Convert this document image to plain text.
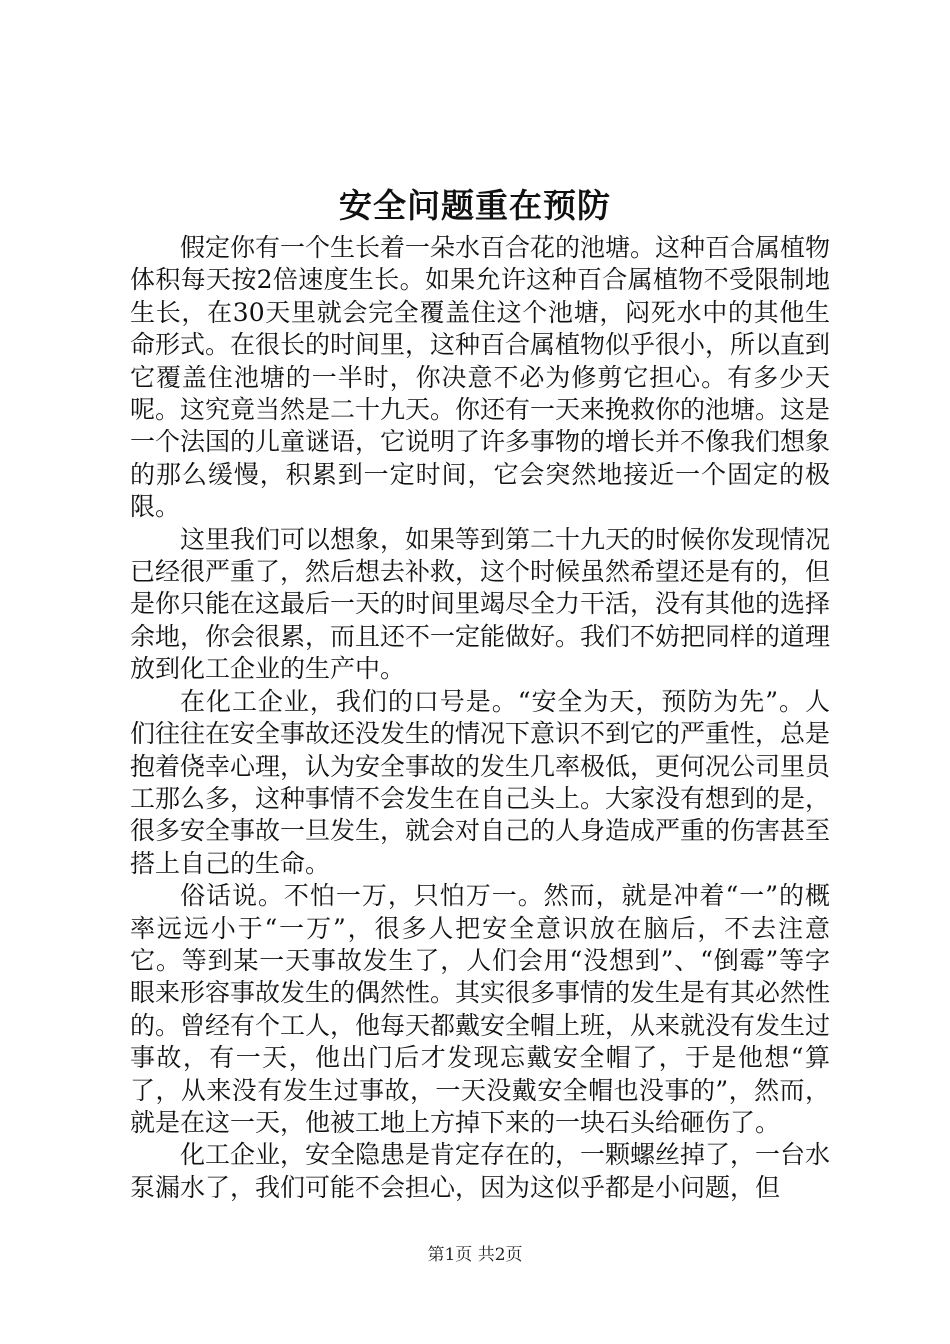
安全问题重在预防

假定你有一个生长着一朵水百合花的池塘。这种百合属植物体积每天按2倍速度生长。如果允许这种百合属植物不受限制地生长，在30天里就会完全覆盖住这个池塘，闷死水中的其他生命形式。在很长的时间里，这种百合属植物似乎很小，所以直到它覆盖住池塘的一半时，你决意不必为修剪它担心。有多少天呢。这究竟当然是二十九天。你还有一天来挽救你的池塘。这是一个法国的儿童谜语，它说明了许多事物的增长并不像我们想象的那么缓慢，积累到一定时间，它会突然地接近一个固定的极限。

这里我们可以想象，如果等到第二十九天的时候你发现情况已经很严重了，然后想去补救，这个时候虽然希望还是有的，但是你只能在这最后一天的时间里竭尽全力干活，没有其他的选择余地，你会很累，而且还不一定能做好。我们不妨把同样的道理放到化工企业的生产中。

在化工企业，我们的口号是。“安全为天，预防为先”。人们往往在安全事故还没发生的情况下意识不到它的严重性，总是抱着侥幸心理，认为安全事故的发生几率极低，更何况公司里员工那么多，这种事情不会发生在自己头上。大家没有想到的是，很多安全事故一旦发生，就会对自己的人身造成严重的伤害甚至搭上自己的生命。

俗话说。不怕一万，只怕万一。然而，就是冲着“一”的概率远远小于“一万”，很多人把安全意识放在脑后，不去注意它。等到某一天事故发生了，人们会用“没想到”、“倒霉”等字眼来形容事故发生的偶然性。其实很多事情的发生是有其必然性的。曾经有个工人，他每天都戴安全帽上班，从来就没有发生过事故，有一天，他出门后才发现忘戴安全帽了，于是他想“算了，从来没有发生过事故，一天没戴安全帽也没事的”，然而，就是在这一天，他被工地上方掉下来的一块石头给砸伤了。

化工企业，安全隐患是肯定存在的，一颗螺丝掉了，一台水泵漏水了，我们可能不会担心，因为这似乎都是小问题，但

第1页 共2页
